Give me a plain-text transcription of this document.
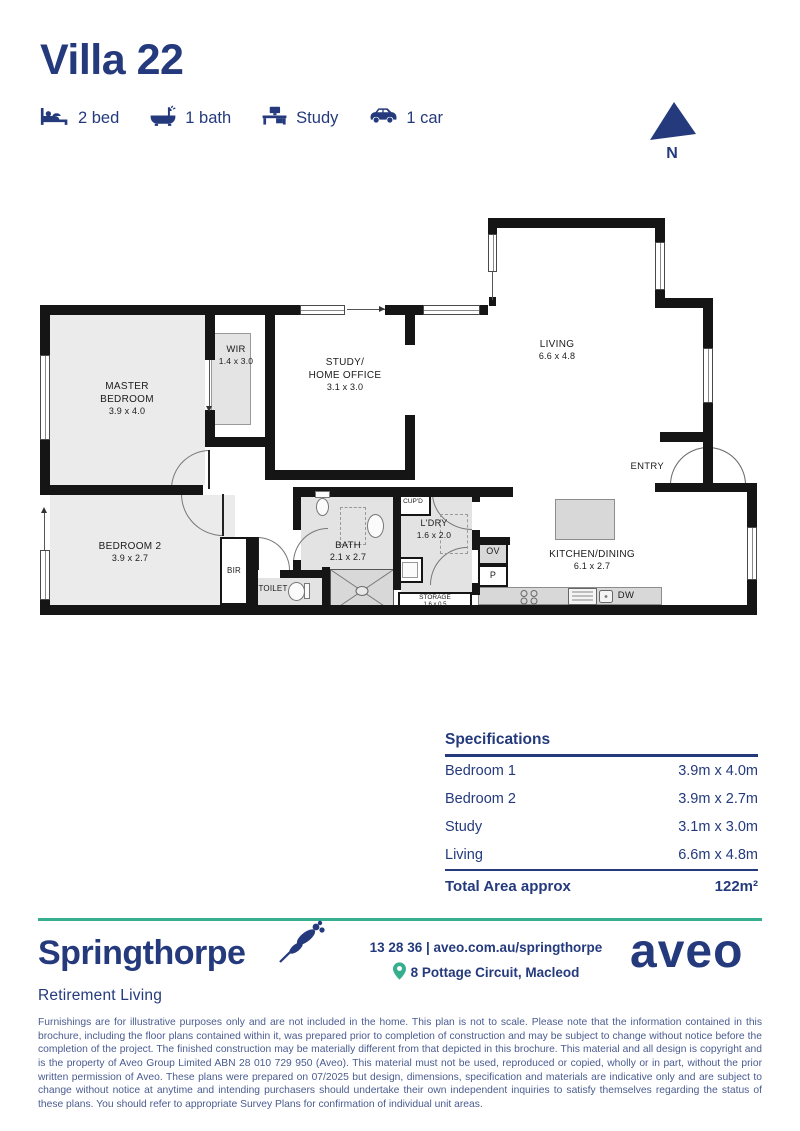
Villa 22
2 bed	1 bath	Study	1 car
N
MASTER
BEDROOM
3.9 x 4.0
WIR
1.4 x 3.0	STUDY/
HOME OFFICE
3.1 x 3.0
LIVING
6.6 x 4.8
BEDROOM 2
3.9 x 2.7
BIR
TOILET
BATH
2.1 x 2.7
CUP'D
L'DRY
1.6 x 2.0
STORAGE
1.6 x 0.5
OV
P
KITCHEN/DINING
6.1 x 2.7
DW
ENTRY
Specifications
Bedroom 1	3.9m x 4.0m
Bedroom 2	3.9m x 2.7m
Study	3.1m x 3.0m
Living	6.6m x 4.8m
Total Area approx	122m²
Springthorpe
Retirement Living
13 28 36 | aveo.com.au/springthorpe
8 Pottage Circuit, Macleod aveo
Furnishings are for illustrative purposes only and are not included in the home. This plan is not to scale. Please note that the information contained in this brochure, including the floor plans contained within it, was prepared prior to completion of construction and may be subject to change without notice before the completion of the project. The finished construction may be materially different from that depicted in this brochure. This material and all design is copyright and is the property of Aveo Group Limited ABN 28 010 729 950 (Aveo). This material must not be used, reproduced or copied, wholly or in part, without the prior written permission of Aveo. These plans were prepared on 07/2025 but design, dimensions, specification and materials are indicative only and are subject to change without notice at anytime and intending purchasers should undertake their own independent inquiries to satisfy themselves regarding the status of these plans. You should refer to appropriate Survey Plans for confirmation of individual unit areas.
